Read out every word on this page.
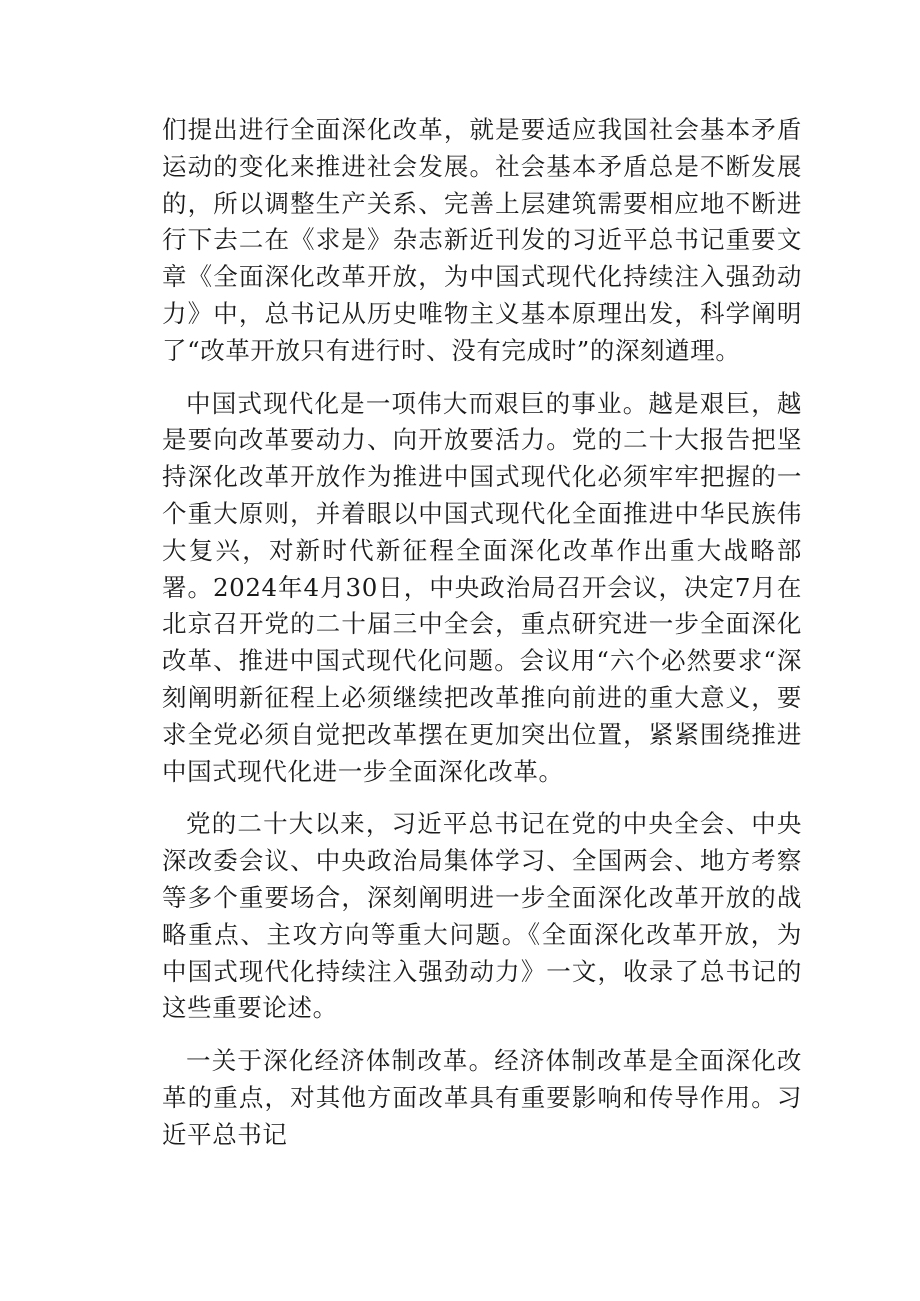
们提出进行全面深化改革，就是要适应我国社会基本矛盾运动的变化来推进社会发展。社会基本矛盾总是不断发展的，所以调整生产关系、完善上层建筑需要相应地不断进行下去二在《求是》杂志新近刊发的习近平总书记重要文章《全面深化改革开放，为中国式现代化持续注入强劲动力》中，总书记从历史唯物主义基本原理出发，科学阐明了“改革开放只有进行时、没有完成时”的深刻遒理。

中国式现代化是一项伟大而艰巨的事业。越是艰巨，越是要向改革要动力、向开放要活力。党的二十大报告把坚持深化改革开放作为推进中国式现代化必须牢牢把握的一个重大原则，并着眼以中国式现代化全面推进中华民族伟大复兴，对新时代新征程全面深化改革作出重大战略部署。2024年4月30日，中央政治局召开会议，决定7月在北京召开党的二十届三中全会，重点研究进一步全面深化改革、推进中国式现代化问题。会议用“六个必然要求“深刻阐明新征程上必须继续把改革推向前进的重大意义，要求全党必须自觉把改革摆在更加突出位置，紧紧围绕推进中国式现代化进一步全面深化改革。

党的二十大以来，习近平总书记在党的中央全会、中央深改委会议、中央政治局集体学习、全国两会、地方考察等多个重要场合，深刻阐明进一步全面深化改革开放的战略重点、主攻方向等重大问题。《全面深化改革开放，为中国式现代化持续注入强劲动力》一文，收录了总书记的这些重要论述。

一关于深化经济体制改革。经济体制改革是全面深化改革的重点，对其他方面改革具有重要影响和传导作用。习近平总书记
